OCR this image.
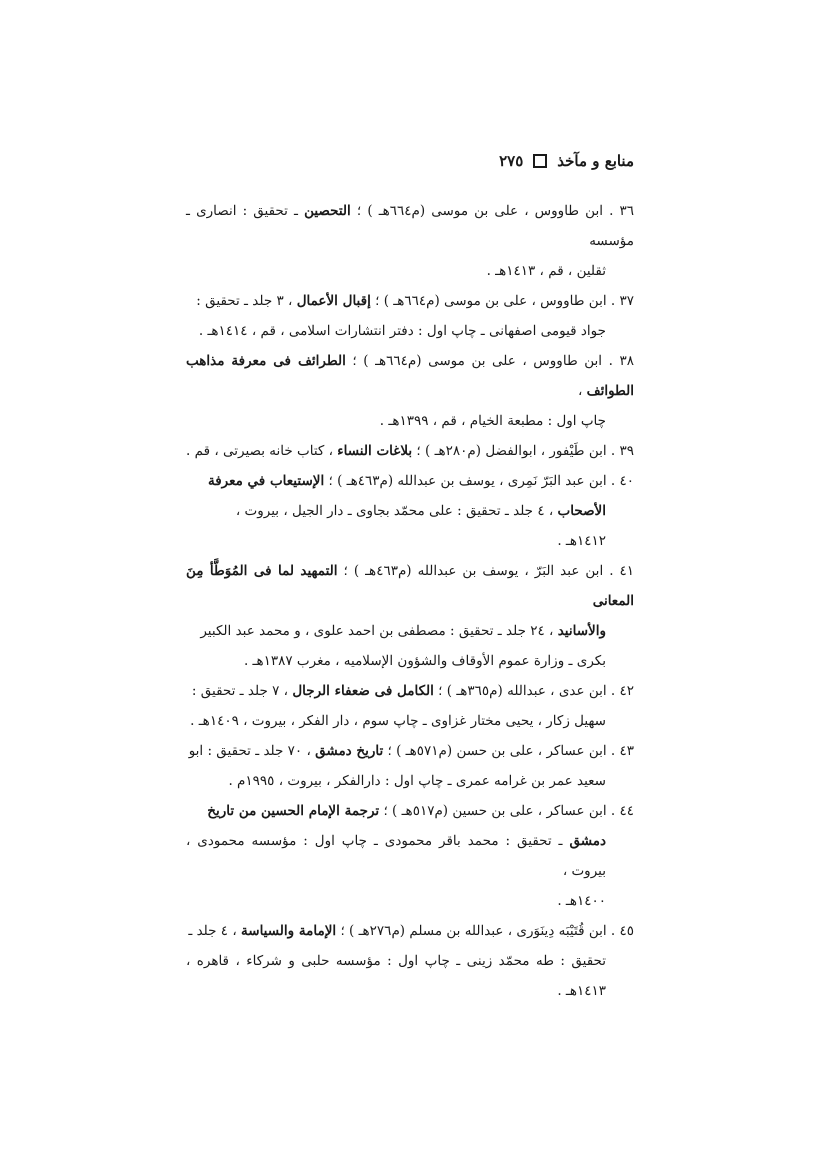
منابع و مآخذ
٢٧٥

٣٦ . ابن طاووس ، علی بن موسی (م٦٦٤هـ ) ؛ التحصين ـ تحقیق : انصاری ـ مؤسسه
ثقلین ، قم ، ١٤١٣هـ .

٣٧ . ابن طاووس ، علی بن موسی (م٦٦٤هـ ) ؛ إقبال الأعمال ، ٣ جلد ـ تحقیق :
جواد قیومی اصفهانی ـ چاپ اول : دفتر انتشارات اسلامی ، قم ، ١٤١٤هـ .

٣٨ . ابن طاووس ، علی بن موسی (م٦٦٤هـ ) ؛ الطرائف فی معرفة مذاهب الطوائف ،
چاپ اول : مطبعة الخیام ، قم ، ١٣٩٩هـ .

٣٩ . ابن طَیْفور ، ابوالفضل (م٢٨٠هـ ) ؛ بلاغات النساء ، کتاب خانه بصیرتی ، قم .

٤٠ . ابن عبد البَرّ نَمِری ، یوسف بن عبدالله (م٤٦٣هـ ) ؛ الإستيعاب في معرفة
الأصحاب ، ٤ جلد ـ تحقیق : علی محمّد بجاوی ـ دار الجیل ، بیروت ،
١٤١٢هـ .

٤١ . ابن عبد البَرّ ، یوسف بن عبدالله (م٤٦٣هـ ) ؛ التمهید لما فی المُوَطَّأ مِنَ المعانی
والأسانید ، ٢٤ جلد ـ تحقیق : مصطفی بن احمد علوی ، و محمد عبد الکبیر
بکری ـ وزارة عموم الأوقاف والشؤون الإسلامیه ، مغرب ١٣٨٧هـ .

٤٢ . ابن عدی ، عبدالله (م٣٦٥هـ ) ؛ الکامل فی ضعفاء الرجال ، ٧ جلد ـ تحقیق :
سهیل زکار ، یحیی مختار غزاوی ـ چاپ سوم ، دار الفکر ، بیروت ، ١٤٠٩هـ .

٤٣ . ابن عساکر ، علی بن حسن (م٥٧١هـ ) ؛ تاریخ دمشق ، ٧٠ جلد ـ تحقیق : ابو
سعید عمر بن غرامه عمری ـ چاپ اول : دارالفکر ، بیروت ، ١٩٩٥م .

٤٤ . ابن عساکر ، علی بن حسین (م٥١٧هـ ) ؛ ترجمة الإمام الحسین من تاریخ
دمشق ـ تحقیق : محمد باقر محمودی ـ چاپ اول : مؤسسه محمودی ، بیروت ،
١٤٠٠هـ .

٤٥ . ابن قُتَیْبَه دِینَوَری ، عبدالله بن مسلم (م٢٧٦هـ ) ؛ الإمامة والسیاسة ، ٤ جلد ـ
تحقیق : طه محمّد زینی ـ چاپ اول : مؤسسه حلبی و شرکاء ، قاهره ، ١٤١٣هـ .
